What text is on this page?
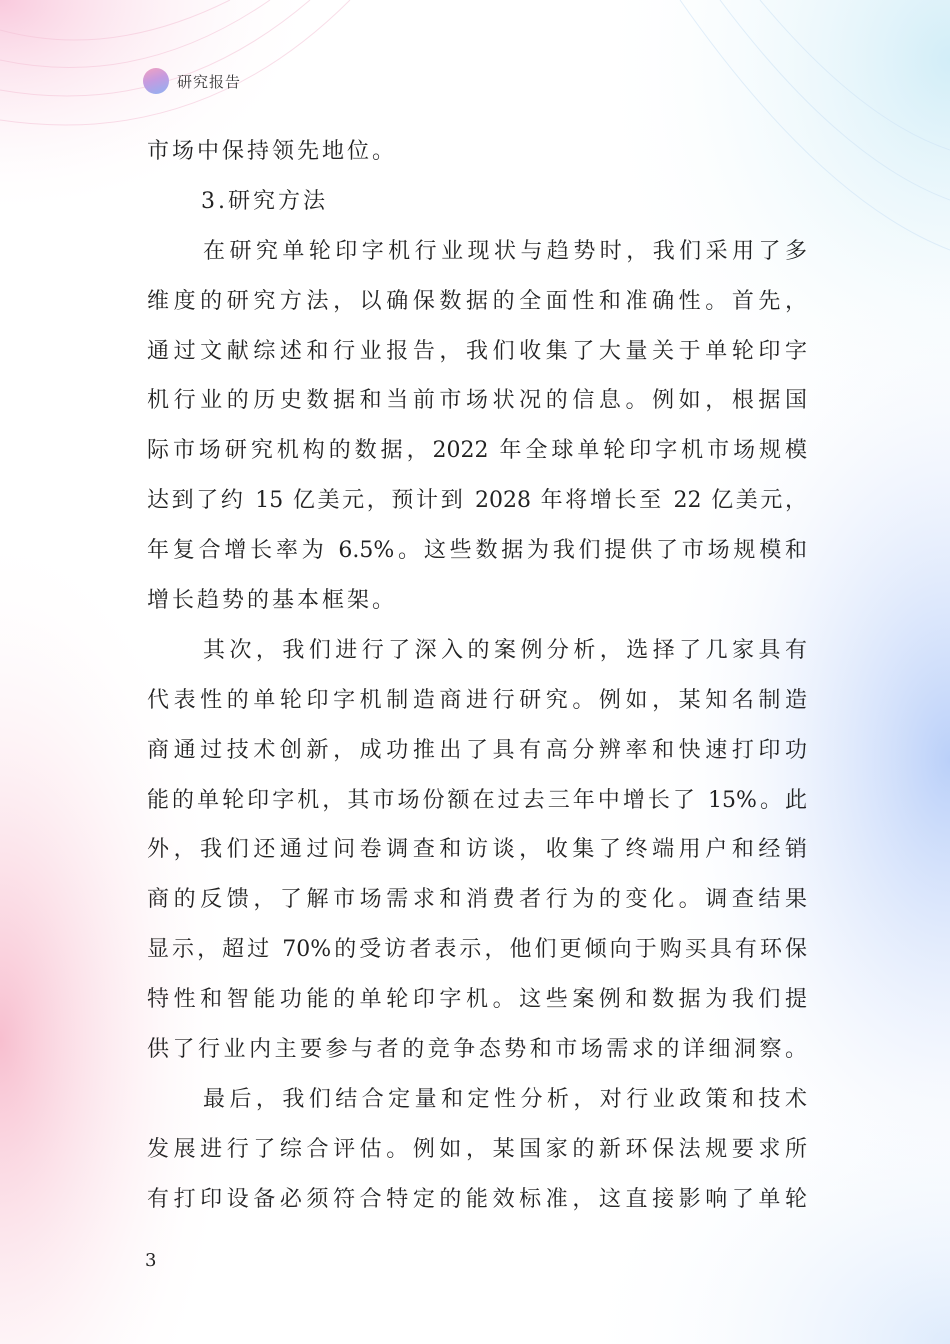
研究报告
市场中保持领先地位。
3.研究方法
在研究单轮印字机行业现状与趋势时，我们采用了多
维度的研究方法，以确保数据的全面性和准确性。首先，
通过文献综述和行业报告，我们收集了大量关于单轮印字
机行业的历史数据和当前市场状况的信息。例如，根据国
际市场研究机构的数据，2022 年全球单轮印字机市场规模
达到了约 15 亿美元，预计到 2028 年将增长至 22 亿美元，
年复合增长率为 6.5%。这些数据为我们提供了市场规模和
增长趋势的基本框架。
其次，我们进行了深入的案例分析，选择了几家具有
代表性的单轮印字机制造商进行研究。例如，某知名制造
商通过技术创新，成功推出了具有高分辨率和快速打印功
能的单轮印字机，其市场份额在过去三年中增长了 15%。此
外，我们还通过问卷调查和访谈，收集了终端用户和经销
商的反馈，了解市场需求和消费者行为的变化。调查结果
显示，超过 70%的受访者表示，他们更倾向于购买具有环保
特性和智能功能的单轮印字机。这些案例和数据为我们提
供了行业内主要参与者的竞争态势和市场需求的详细洞察。
最后，我们结合定量和定性分析，对行业政策和技术
发展进行了综合评估。例如，某国家的新环保法规要求所
有打印设备必须符合特定的能效标准，这直接影响了单轮
3
